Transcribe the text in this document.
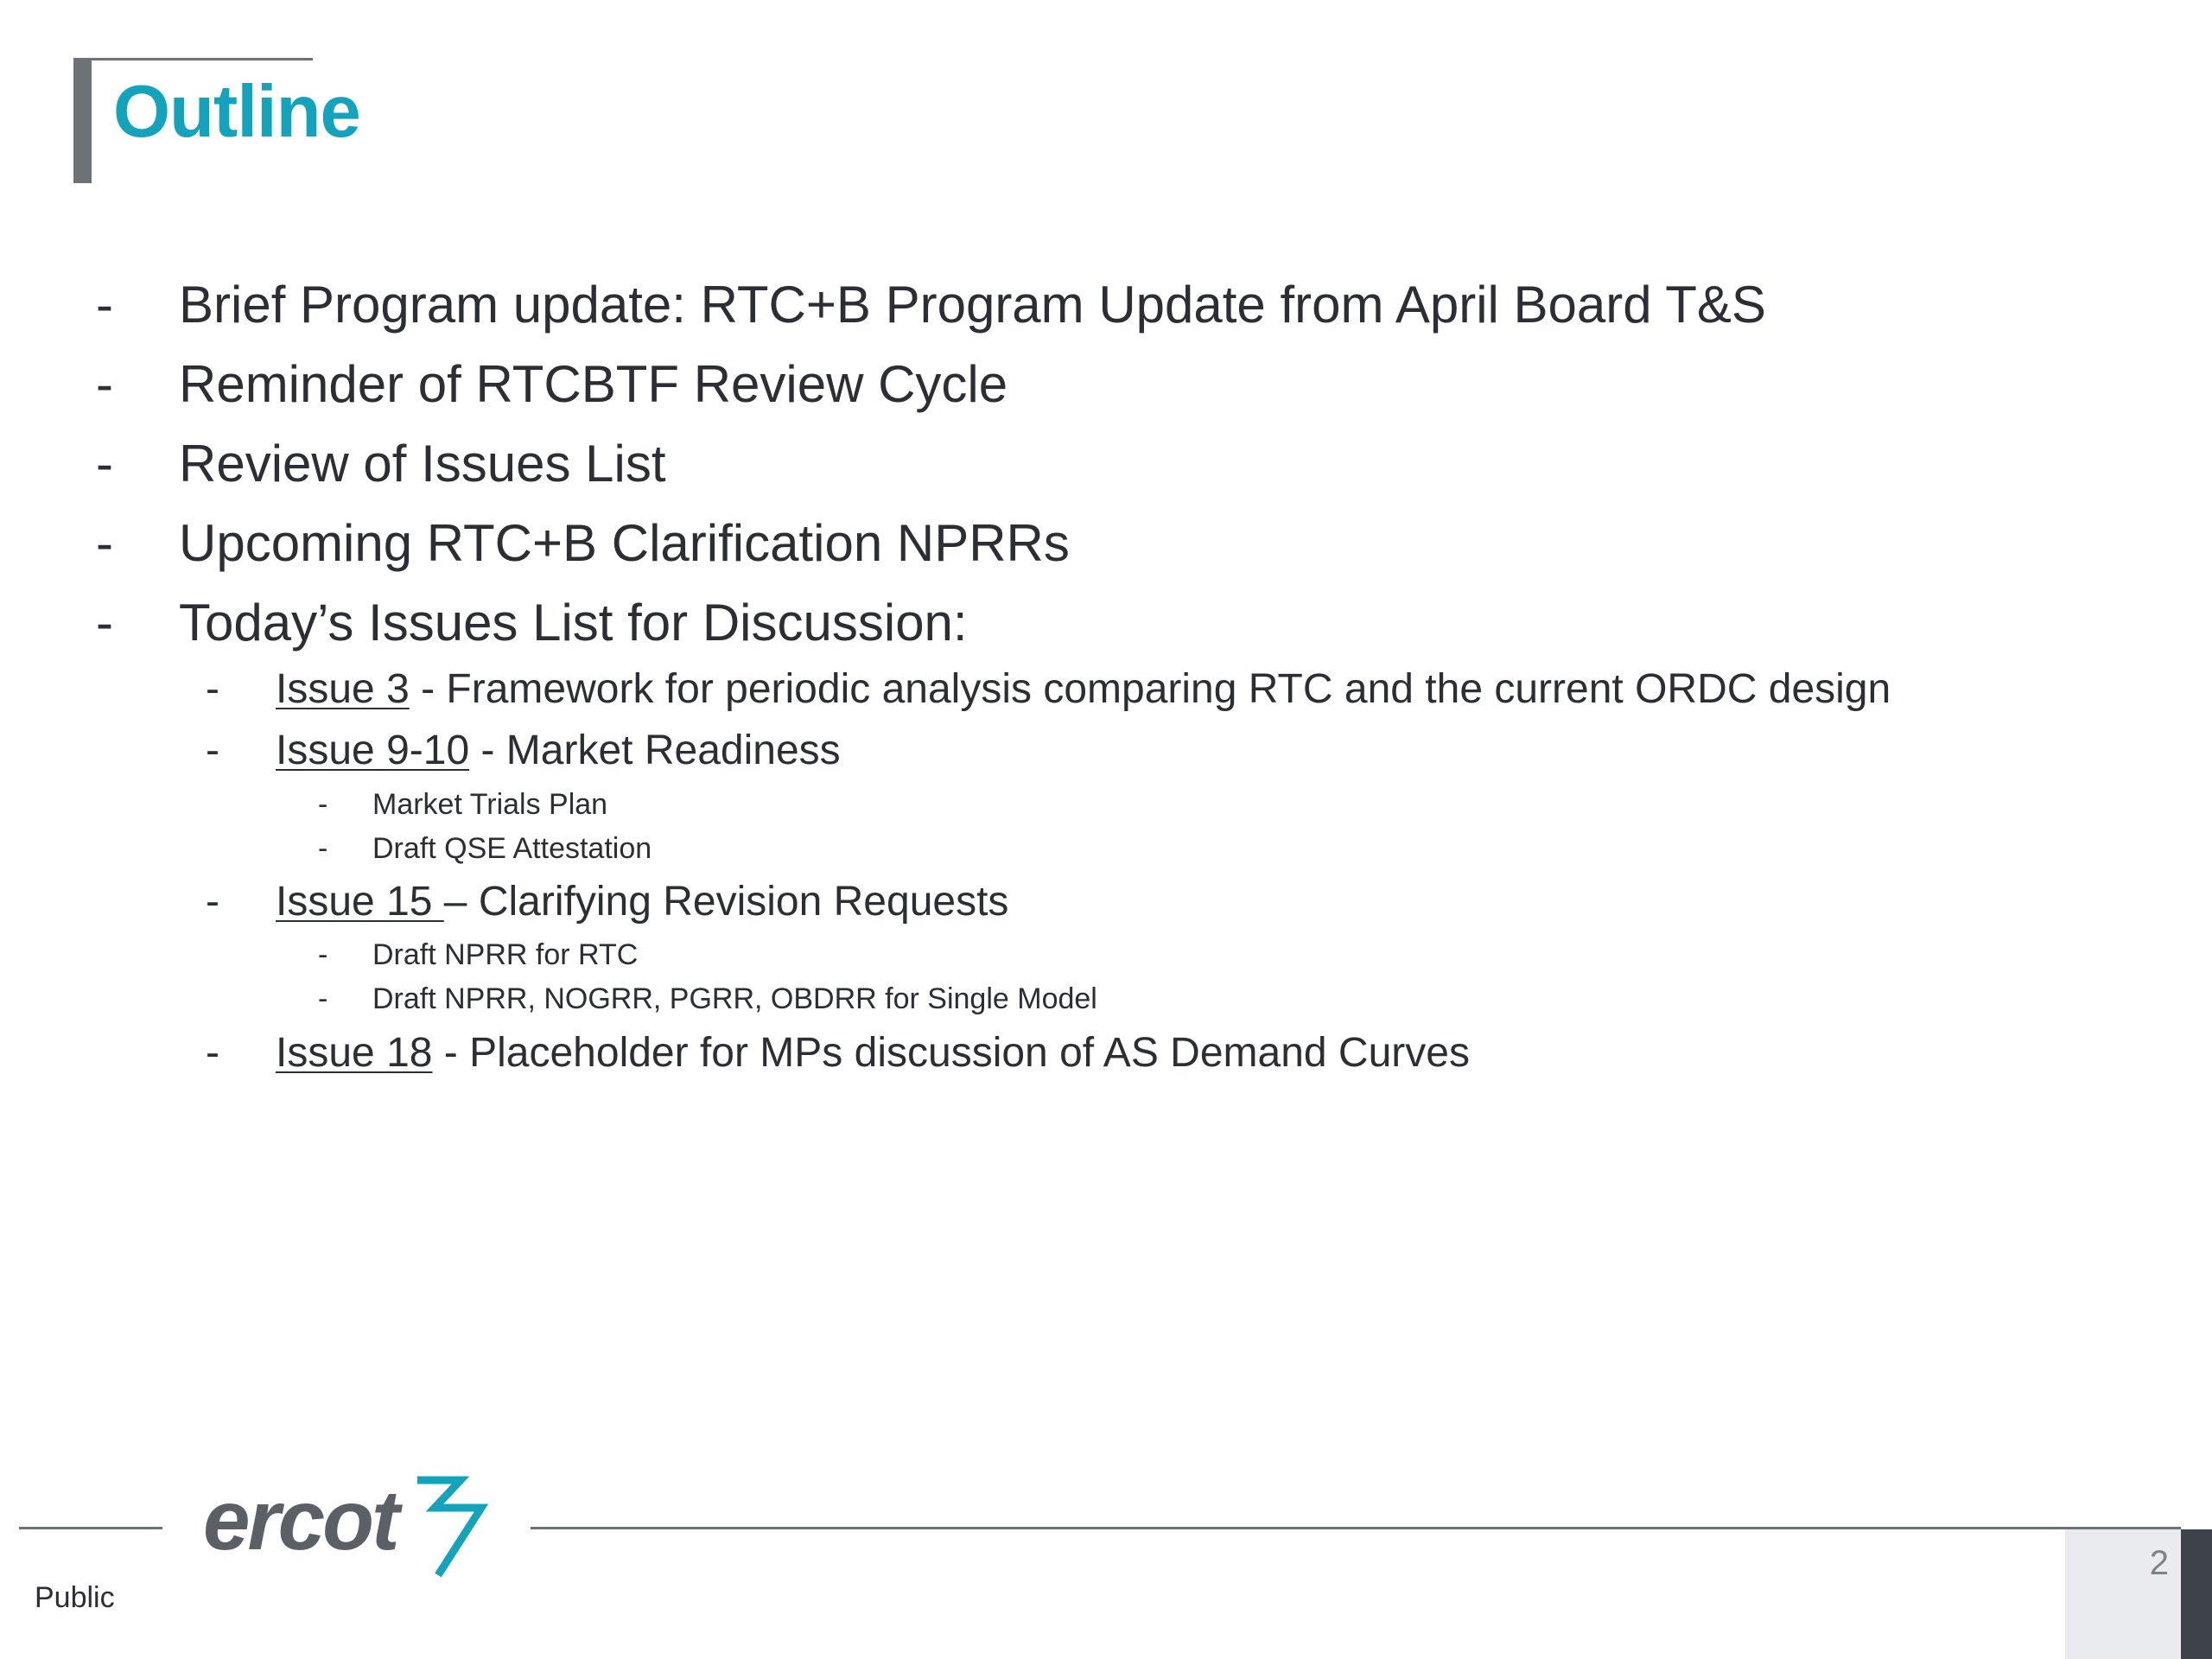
Outline
- Brief Program update: RTC+B Program Update from April Board T&S
- Reminder of RTCBTF Review Cycle
- Review of Issues List
- Upcoming RTC+B Clarification NPRRs
- Today’s Issues List for Discussion:
- Issue 3 - Framework for periodic analysis comparing RTC and the current ORDC design
- Issue 9-10 - Market Readiness
- Market Trials Plan
- Draft QSE Attestation
- Issue 15 – Clarifying Revision Requests
- Draft NPRR for RTC
- Draft NPRR, NOGRR, PGRR, OBDRR for Single Model
- Issue 18 - Placeholder for MPs discussion of AS Demand Curves
ercot
Public
2
